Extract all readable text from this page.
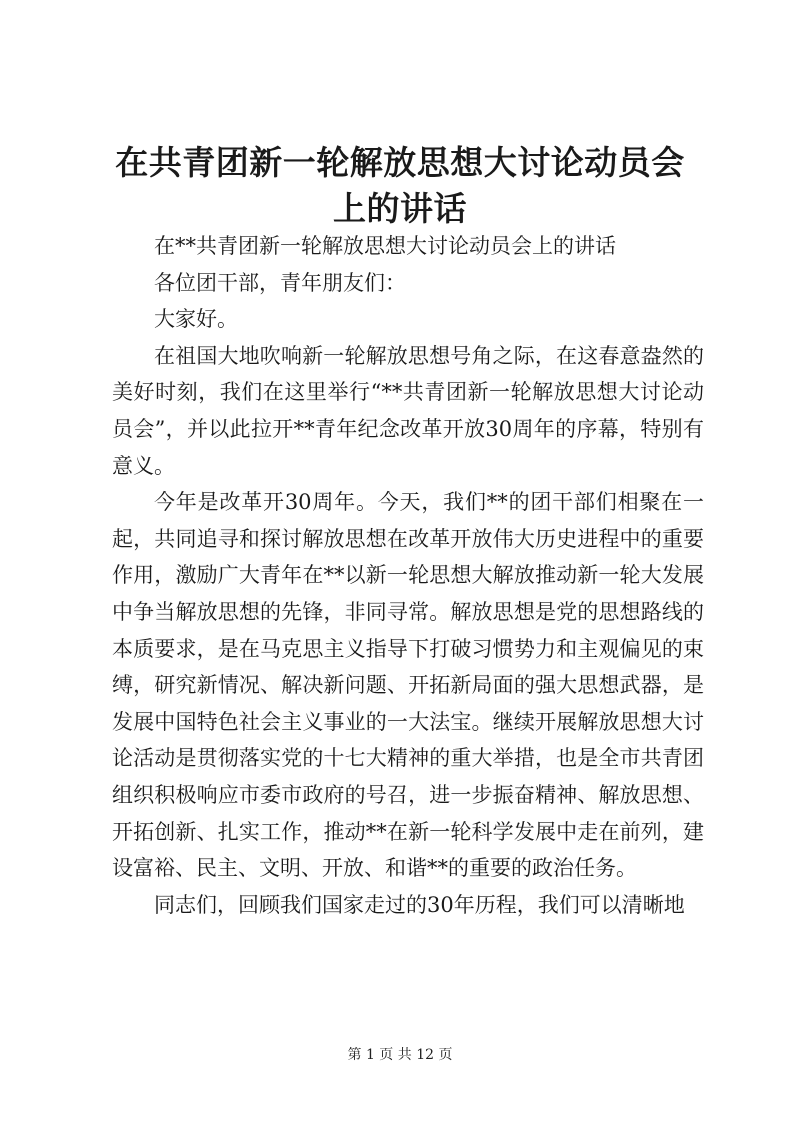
在共青团新一轮解放思想大讨论动员会上的讲话

在**共青团新一轮解放思想大讨论动员会上的讲话

各位团干部，青年朋友们：

大家好。

在祖国大地吹响新一轮解放思想号角之际，在这春意盎然的美好时刻，我们在这里举行“**共青团新一轮解放思想大讨论动员会”，并以此拉开**青年纪念改革开放30周年的序幕，特别有意义。

今年是改革开30周年。今天，我们**的团干部们相聚在一起，共同追寻和探讨解放思想在改革开放伟大历史进程中的重要作用，激励广大青年在**以新一轮思想大解放推动新一轮大发展中争当解放思想的先锋，非同寻常。解放思想是党的思想路线的本质要求，是在马克思主义指导下打破习惯势力和主观偏见的束缚，研究新情况、解决新问题、开拓新局面的强大思想武器，是发展中国特色社会主义事业的一大法宝。继续开展解放思想大讨论活动是贯彻落实党的十七大精神的重大举措，也是全市共青团组织积极响应市委市政府的号召，进一步振奋精神、解放思想、开拓创新、扎实工作，推动**在新一轮科学发展中走在前列，建设富裕、民主、文明、开放、和谐**的重要的政治任务。

同志们，回顾我们国家走过的30年历程，我们可以清晰地

第 1 页 共 12 页
